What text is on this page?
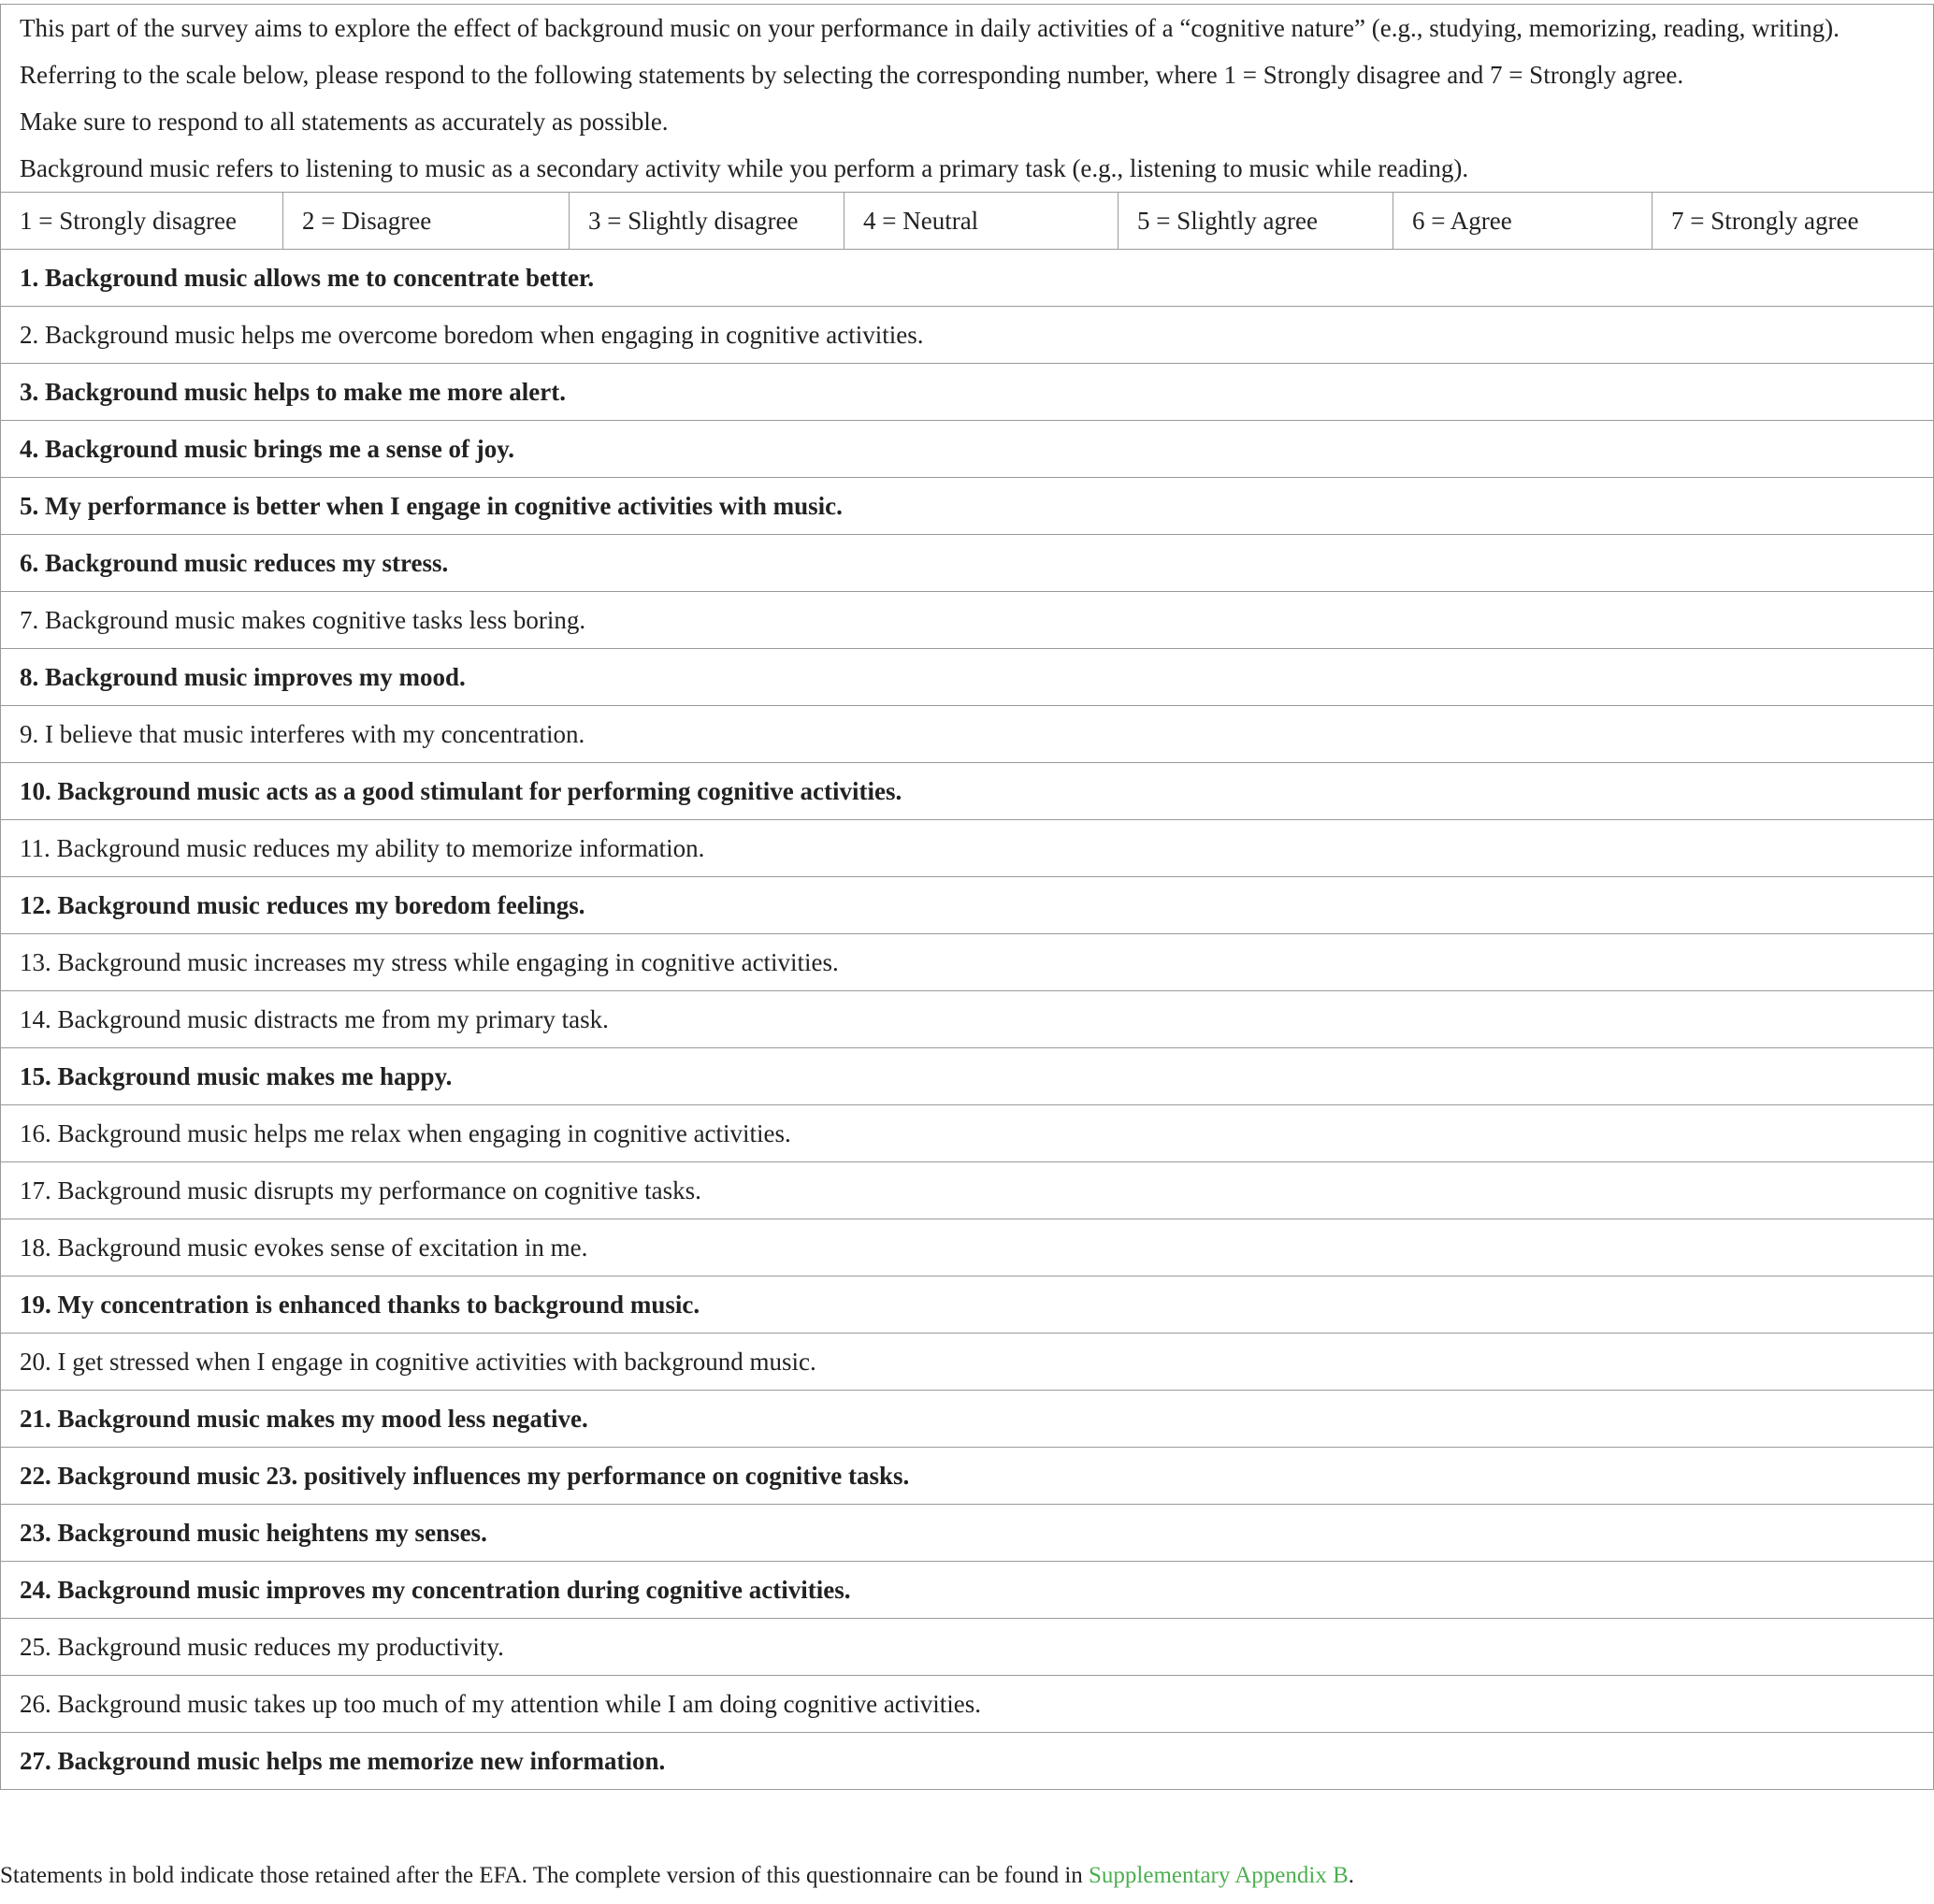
This part of the survey aims to explore the effect of background music on your performance in daily activities of a “cognitive nature” (e.g., studying, memorizing, reading, writing).

Referring to the scale below, please respond to the following statements by selecting the corresponding number, where 1 = Strongly disagree and 7 = Strongly agree.

Make sure to respond to all statements as accurately as possible.

Background music refers to listening to music as a secondary activity while you perform a primary task (e.g., listening to music while reading).

1 = Strongly disagree	2 = Disagree	3 = Slightly disagree	4 = Neutral	5 = Slightly agree	6 = Agree	7 = Strongly agree
1. Background music allows me to concentrate better.
2. Background music helps me overcome boredom when engaging in cognitive activities.
3. Background music helps to make me more alert.
4. Background music brings me a sense of joy.
5. My performance is better when I engage in cognitive activities with music.
6. Background music reduces my stress.
7. Background music makes cognitive tasks less boring.
8. Background music improves my mood.
9. I believe that music interferes with my concentration.
10. Background music acts as a good stimulant for performing cognitive activities.
11. Background music reduces my ability to memorize information.
12. Background music reduces my boredom feelings.
13. Background music increases my stress while engaging in cognitive activities.
14. Background music distracts me from my primary task.
15. Background music makes me happy.
16. Background music helps me relax when engaging in cognitive activities.
17. Background music disrupts my performance on cognitive tasks.
18. Background music evokes sense of excitation in me.
19. My concentration is enhanced thanks to background music.
20. I get stressed when I engage in cognitive activities with background music.
21. Background music makes my mood less negative.
22. Background music 23. positively influences my performance on cognitive tasks.
23. Background music heightens my senses.
24. Background music improves my concentration during cognitive activities.
25. Background music reduces my productivity.
26. Background music takes up too much of my attention while I am doing cognitive activities.
27. Background music helps me memorize new information.
Statements in bold indicate those retained after the EFA. The complete version of this questionnaire can be found in Supplementary Appendix B.
